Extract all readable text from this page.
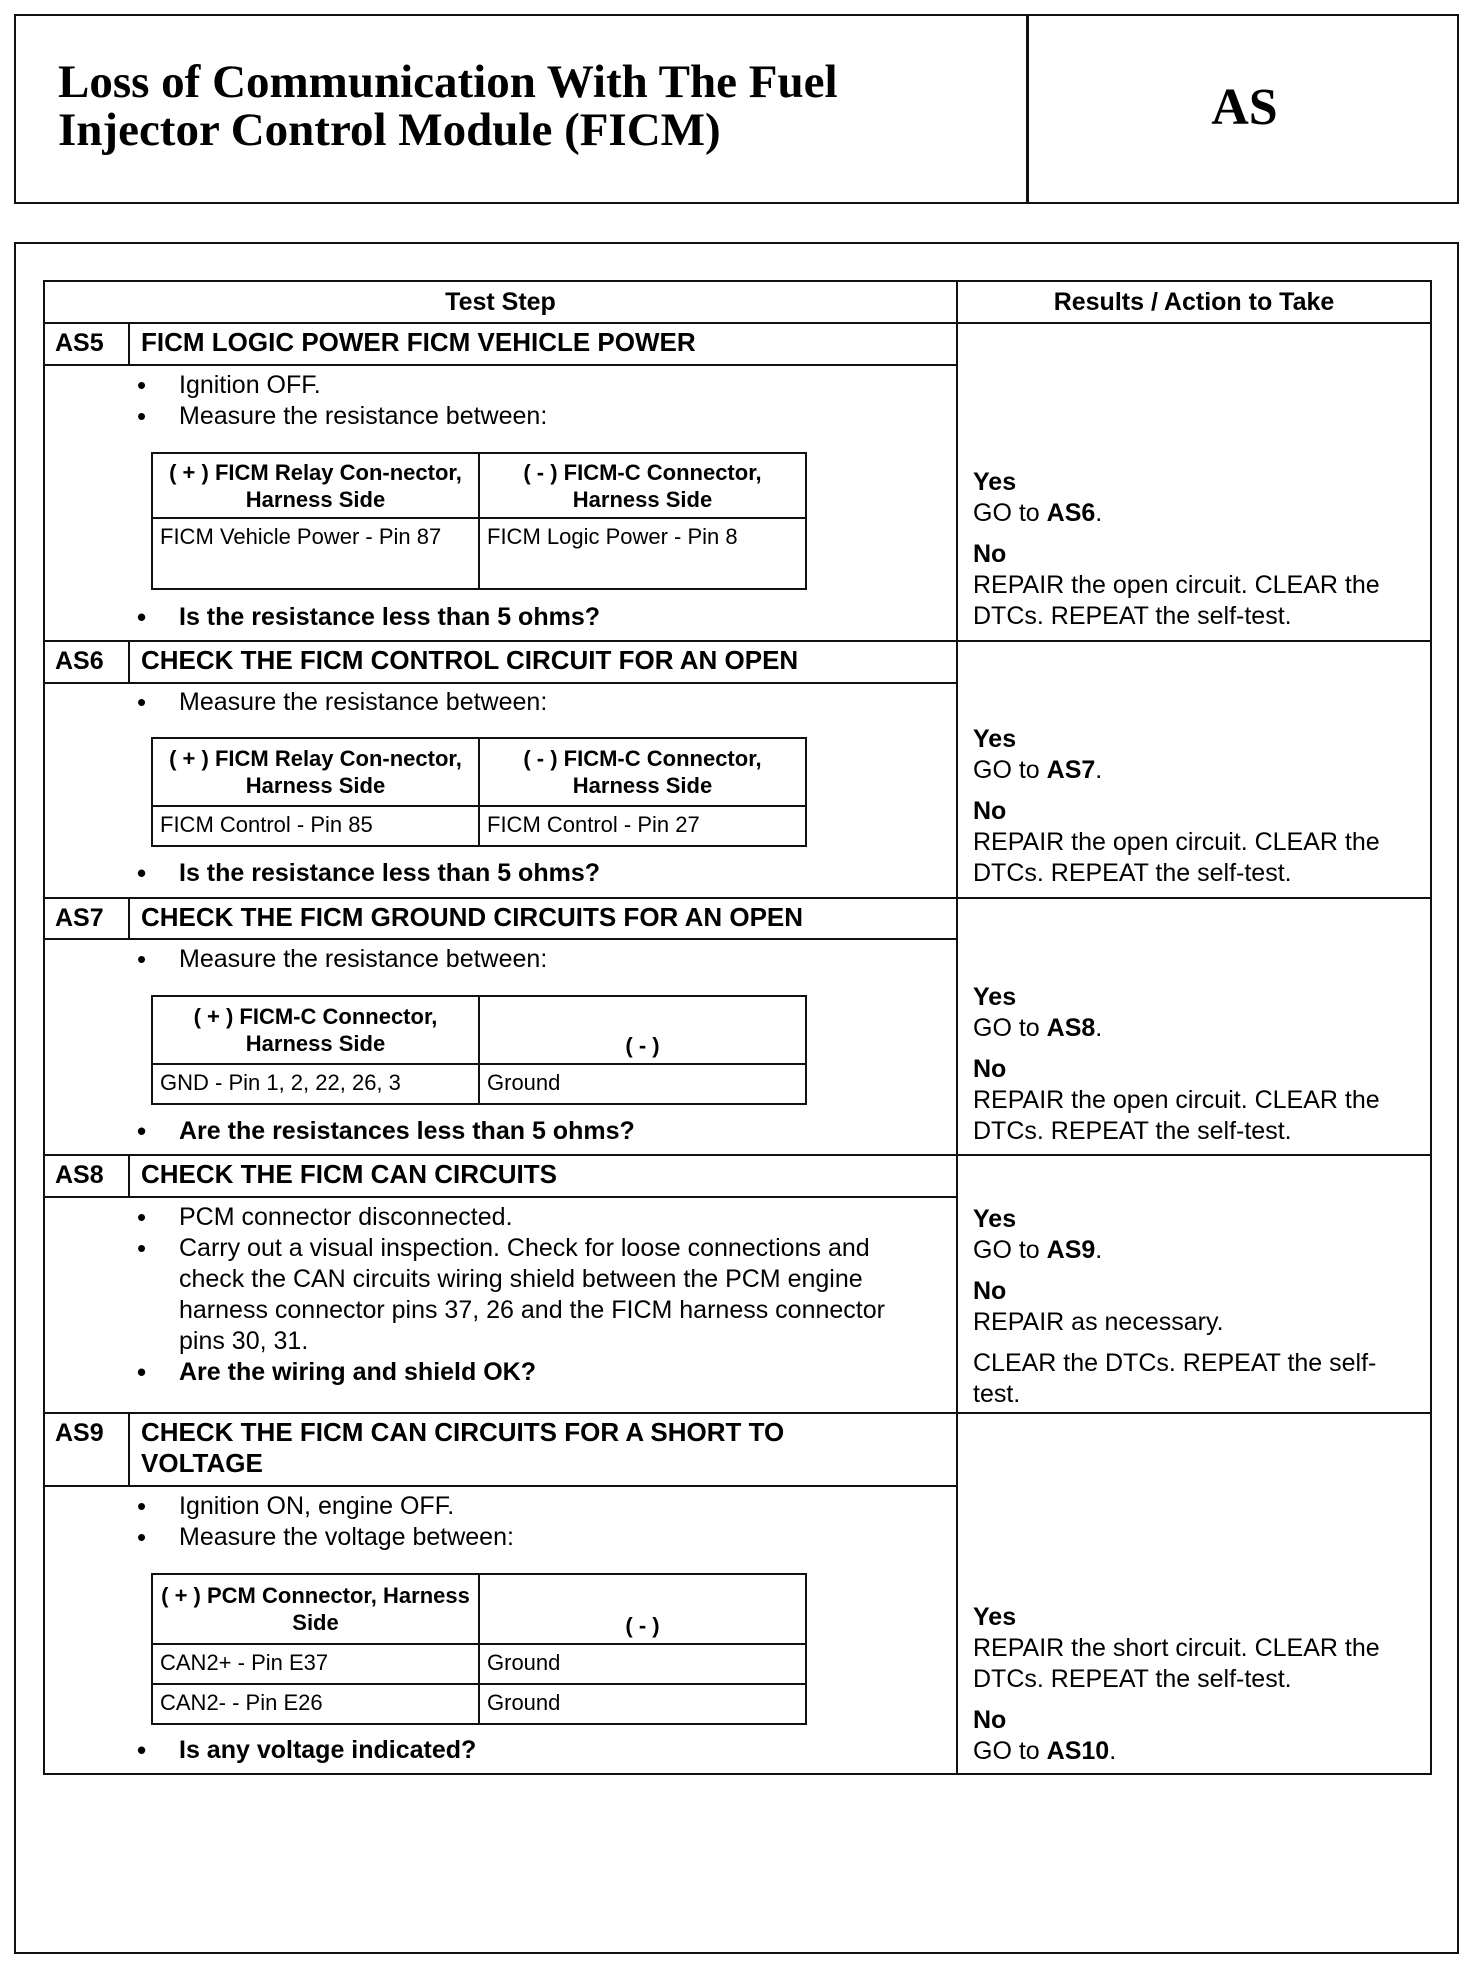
Loss of Communication With The Fuel Injector Control Module (FICM)	AS
Test Step	Results / Action to Take
AS5 FICM LOGIC POWER FICM VEHICLE POWER
• Ignition OFF.
• Measure the resistance between:
( + ) FICM Relay Con-nector, Harness Side	( - ) FICM-C Connector, Harness Side
FICM Vehicle Power - Pin 87	FICM Logic Power - Pin 8
• Is the resistance less than 5 ohms?
Yes
GO to AS6.
No
REPAIR the open circuit. CLEAR the DTCs. REPEAT the self-test.
AS6 CHECK THE FICM CONTROL CIRCUIT FOR AN OPEN
• Measure the resistance between:
( + ) FICM Relay Con-nector, Harness Side	( - ) FICM-C Connector, Harness Side
FICM Control - Pin 85	FICM Control - Pin 27
• Is the resistance less than 5 ohms?
Yes
GO to AS7.
No
REPAIR the open circuit. CLEAR the DTCs. REPEAT the self-test.
AS7 CHECK THE FICM GROUND CIRCUITS FOR AN OPEN
• Measure the resistance between:
( + ) FICM-C Connector, Harness Side	( - )
GND - Pin 1, 2, 22, 26, 3	Ground
• Are the resistances less than 5 ohms?
Yes
GO to AS8.
No
REPAIR the open circuit. CLEAR the DTCs. REPEAT the self-test.
AS8 CHECK THE FICM CAN CIRCUITS
• PCM connector disconnected.
• Carry out a visual inspection. Check for loose connections and check the CAN circuits wiring shield between the PCM engine harness connector pins 37, 26 and the FICM harness connector pins 30, 31.
• Are the wiring and shield OK?
Yes
GO to AS9.
No
REPAIR as necessary.
CLEAR the DTCs. REPEAT the self-test.
AS9 CHECK THE FICM CAN CIRCUITS FOR A SHORT TO VOLTAGE
• Ignition ON, engine OFF.
• Measure the voltage between:
( + ) PCM Connector, Harness Side	( - )
CAN2+ - Pin E37	Ground
CAN2- - Pin E26	Ground
• Is any voltage indicated?
Yes
REPAIR the short circuit. CLEAR the DTCs. REPEAT the self-test.
No
GO to AS10.
